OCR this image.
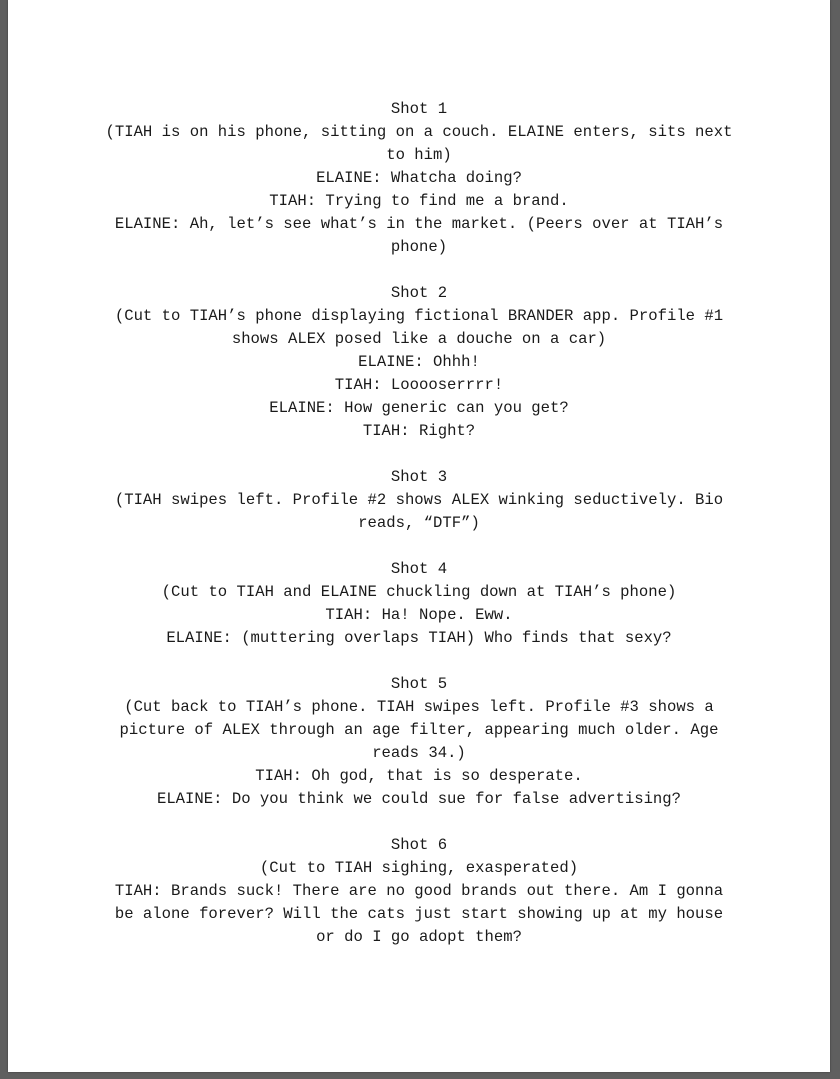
Shot 1
(TIAH is on his phone, sitting on a couch. ELAINE enters, sits next to him)
ELAINE: Whatcha doing?
TIAH: Trying to find me a brand.
ELAINE: Ah, let’s see what’s in the market. (Peers over at TIAH’s phone)
Shot 2
(Cut to TIAH’s phone displaying fictional BRANDER app. Profile #1 shows ALEX posed like a douche on a car)
ELAINE: Ohhh!
TIAH: Looooserrrr!
ELAINE: How generic can you get?
TIAH: Right?
Shot 3
(TIAH swipes left. Profile #2 shows ALEX winking seductively. Bio reads, “DTF”)
Shot 4
(Cut to TIAH and ELAINE chuckling down at TIAH’s phone)
TIAH: Ha! Nope. Eww.
ELAINE: (muttering overlaps TIAH) Who finds that sexy?
Shot 5
(Cut back to TIAH’s phone. TIAH swipes left. Profile #3 shows a picture of ALEX through an age filter, appearing much older. Age reads 34.)
TIAH: Oh god, that is so desperate.
ELAINE: Do you think we could sue for false advertising?
Shot 6
(Cut to TIAH sighing, exasperated)
TIAH: Brands suck! There are no good brands out there. Am I gonna be alone forever? Will the cats just start showing up at my house or do I go adopt them?
